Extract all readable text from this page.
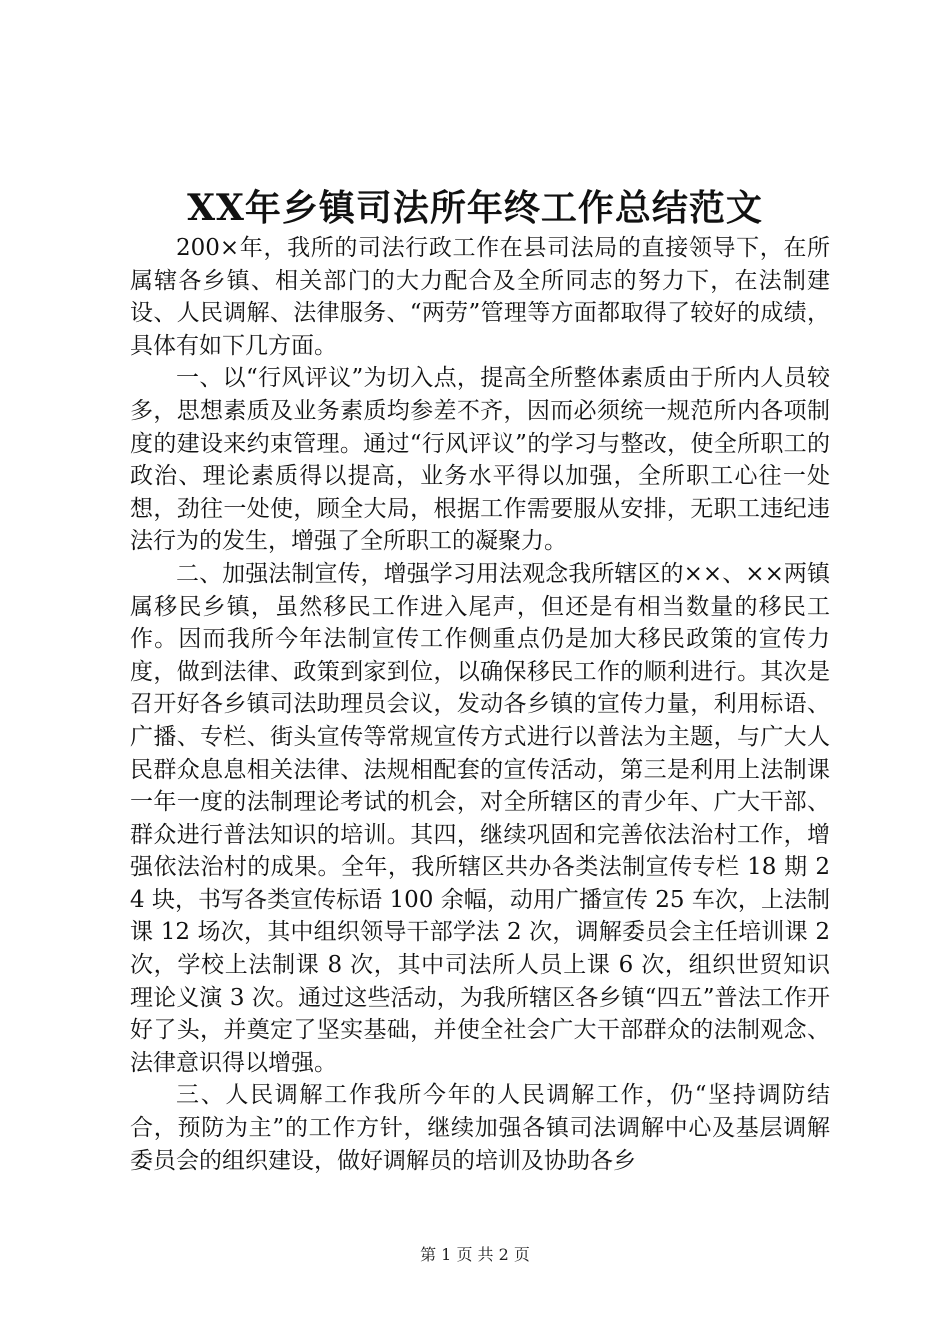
XX年乡镇司法所年终工作总结范文

200×年，我所的司法行政工作在县司法局的直接领导下，在所属辖各乡镇、相关部门的大力配合及全所同志的努力下，在法制建设、人民调解、法律服务、“两劳”管理等方面都取得了较好的成绩，具体有如下几方面。

一、以“行风评议”为切入点，提高全所整体素质由于所内人员较多，思想素质及业务素质均参差不齐，因而必须统一规范所内各项制度的建设来约束管理。通过“行风评议”的学习与整改，使全所职工的政治、理论素质得以提高，业务水平得以加强，全所职工心往一处想，劲往一处使，顾全大局，根据工作需要服从安排，无职工违纪违法行为的发生，增强了全所职工的凝聚力。

二、加强法制宣传，增强学习用法观念我所辖区的××、××两镇属移民乡镇，虽然移民工作进入尾声，但还是有相当数量的移民工作。因而我所今年法制宣传工作侧重点仍是加大移民政策的宣传力度，做到法律、政策到家到位，以确保移民工作的顺利进行。其次是召开好各乡镇司法助理员会议，发动各乡镇的宣传力量，利用标语、广播、专栏、街头宣传等常规宣传方式进行以普法为主题，与广大人民群众息息相关法律、法规相配套的宣传活动，第三是利用上法制课一年一度的法制理论考试的机会，对全所辖区的青少年、广大干部、群众进行普法知识的培训。其四，继续巩固和完善依法治村工作，增强依法治村的成果。全年，我所辖区共办各类法制宣传专栏 18 期 24 块，书写各类宣传标语 100 余幅，动用广播宣传 25 车次，上法制课 12 场次，其中组织领导干部学法 2 次，调解委员会主任培训课 2 次，学校上法制课 8 次，其中司法所人员上课 6 次，组织世贸知识理论义演 3 次。通过这些活动，为我所辖区各乡镇“四五”普法工作开好了头，并奠定了坚实基础，并使全社会广大干部群众的法制观念、法律意识得以增强。

三、人民调解工作我所今年的人民调解工作，仍“坚持调防结合，预防为主”的工作方针，继续加强各镇司法调解中心及基层调解委员会的组织建设，做好调解员的培训及协助各乡

第 1 页 共 2 页
